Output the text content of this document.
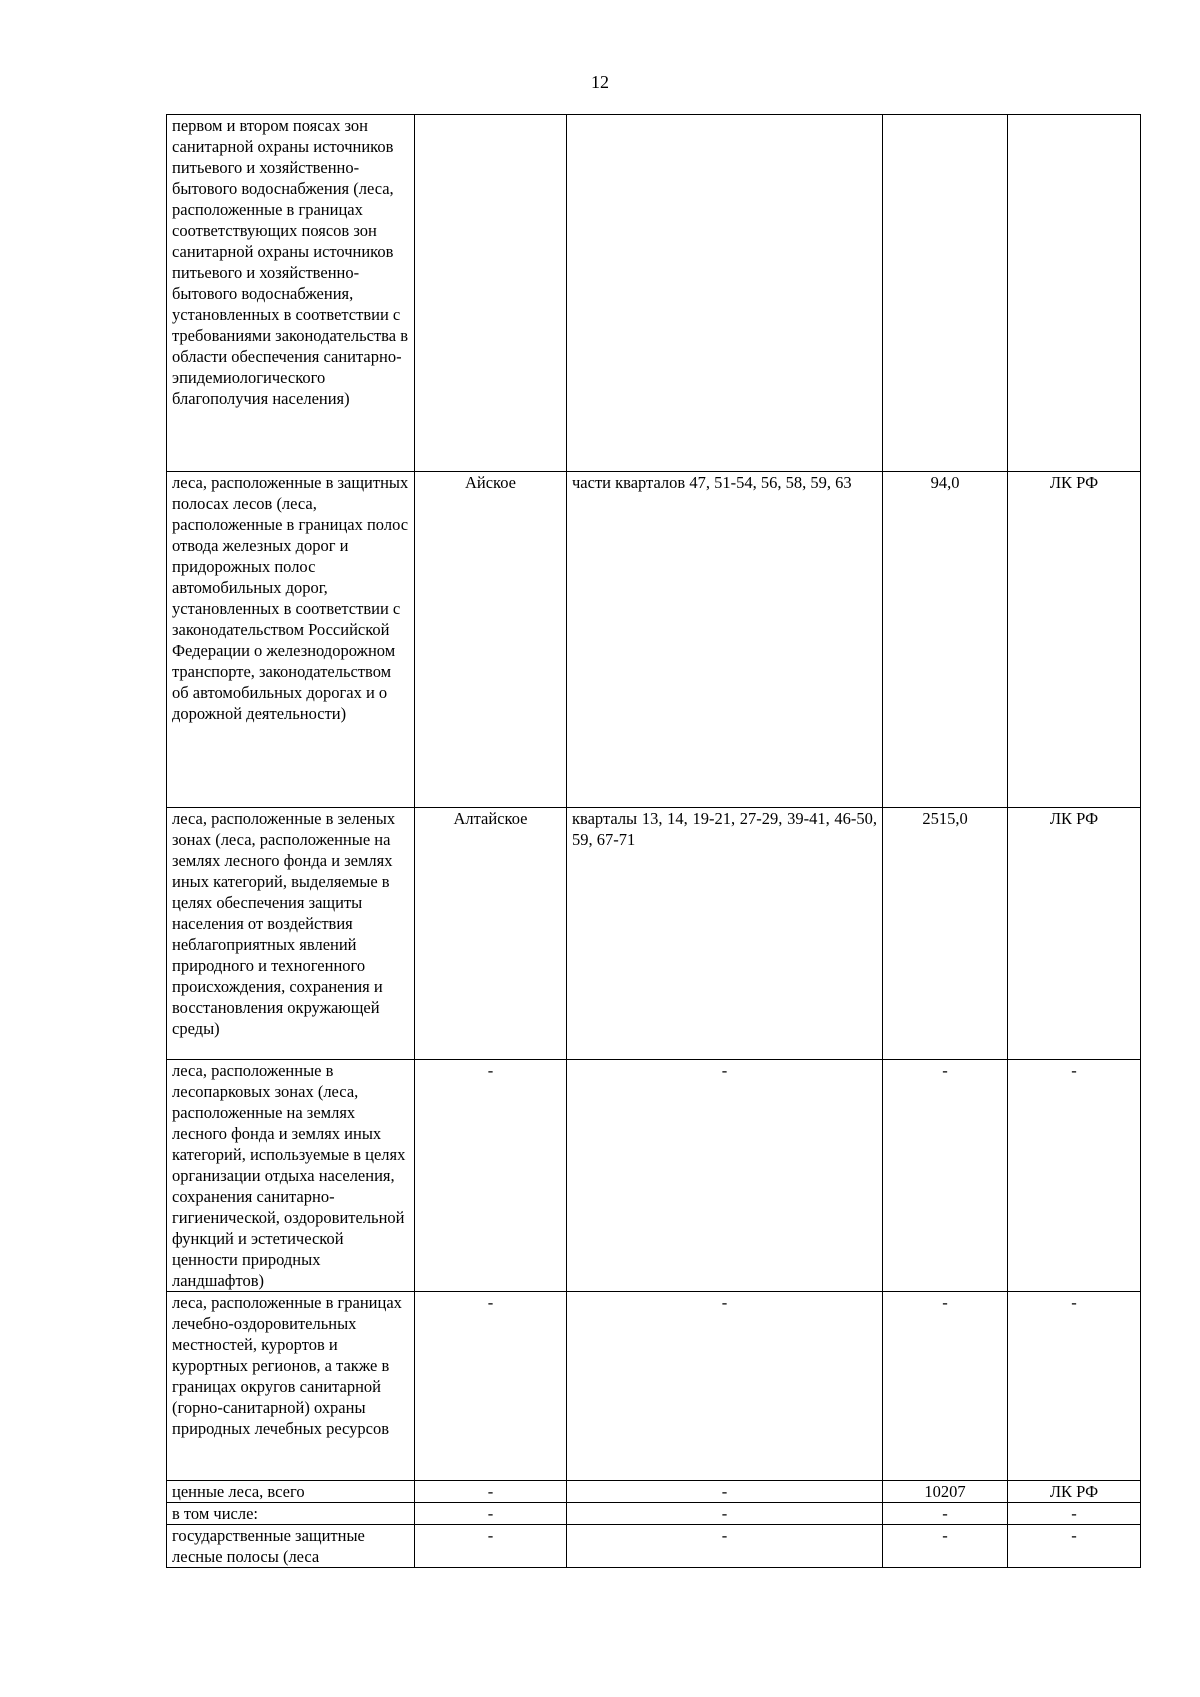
12
первом и втором поясах зон санитарной охраны источников питьевого и хозяйственно-бытового водоснабжения (леса, расположенные в границах соответствующих поясов зон санитарной охраны источников питьевого и хозяйственно-бытового водоснабжения, установленных в соответствии с требованиями законодательства в области обеспечения санитарно-эпидемиологического благополучия населения)				
леса, расположенные в защитных полосах лесов (леса, расположенные в границах полос отвода железных дорог и придорожных полос автомобильных дорог, установленных в соответствии с законодательством Российской Федерации о железнодорожном транспорте, законодательством об автомобильных дорогах и о дорожной деятельности)	Айское	части кварталов 47, 51-54, 56, 58, 59, 63	94,0	ЛК РФ
леса, расположенные в зеленых зонах (леса, расположенные на землях лесного фонда и землях иных категорий, выделяемые в целях обеспечения защиты населения от воздействия неблагоприятных явлений природного и техногенного происхождения, сохранения и восстановления окружающей среды)	Алтайское	кварталы 13, 14, 19-21, 27-29, 39-41, 46-50, 59, 67-71	2515,0	ЛК РФ
леса, расположенные в лесопарковых зонах (леса, расположенные на землях лесного фонда и землях иных категорий, используемые в целях организации отдыха населения, сохранения санитарно-гигиенической, оздоровительной функций и эстетической ценности природных ландшафтов)	-	-	-	-
леса, расположенные в границах лечебно-оздоровительных местностей, курортов и курортных регионов, а также в границах округов санитарной (горно-санитарной) охраны природных лечебных ресурсов	-	-	-	-
ценные леса, всего	-	-	10207	ЛК РФ
в том числе:	-	-	-	-
государственные защитные лесные полосы (леса	-	-	-	-
